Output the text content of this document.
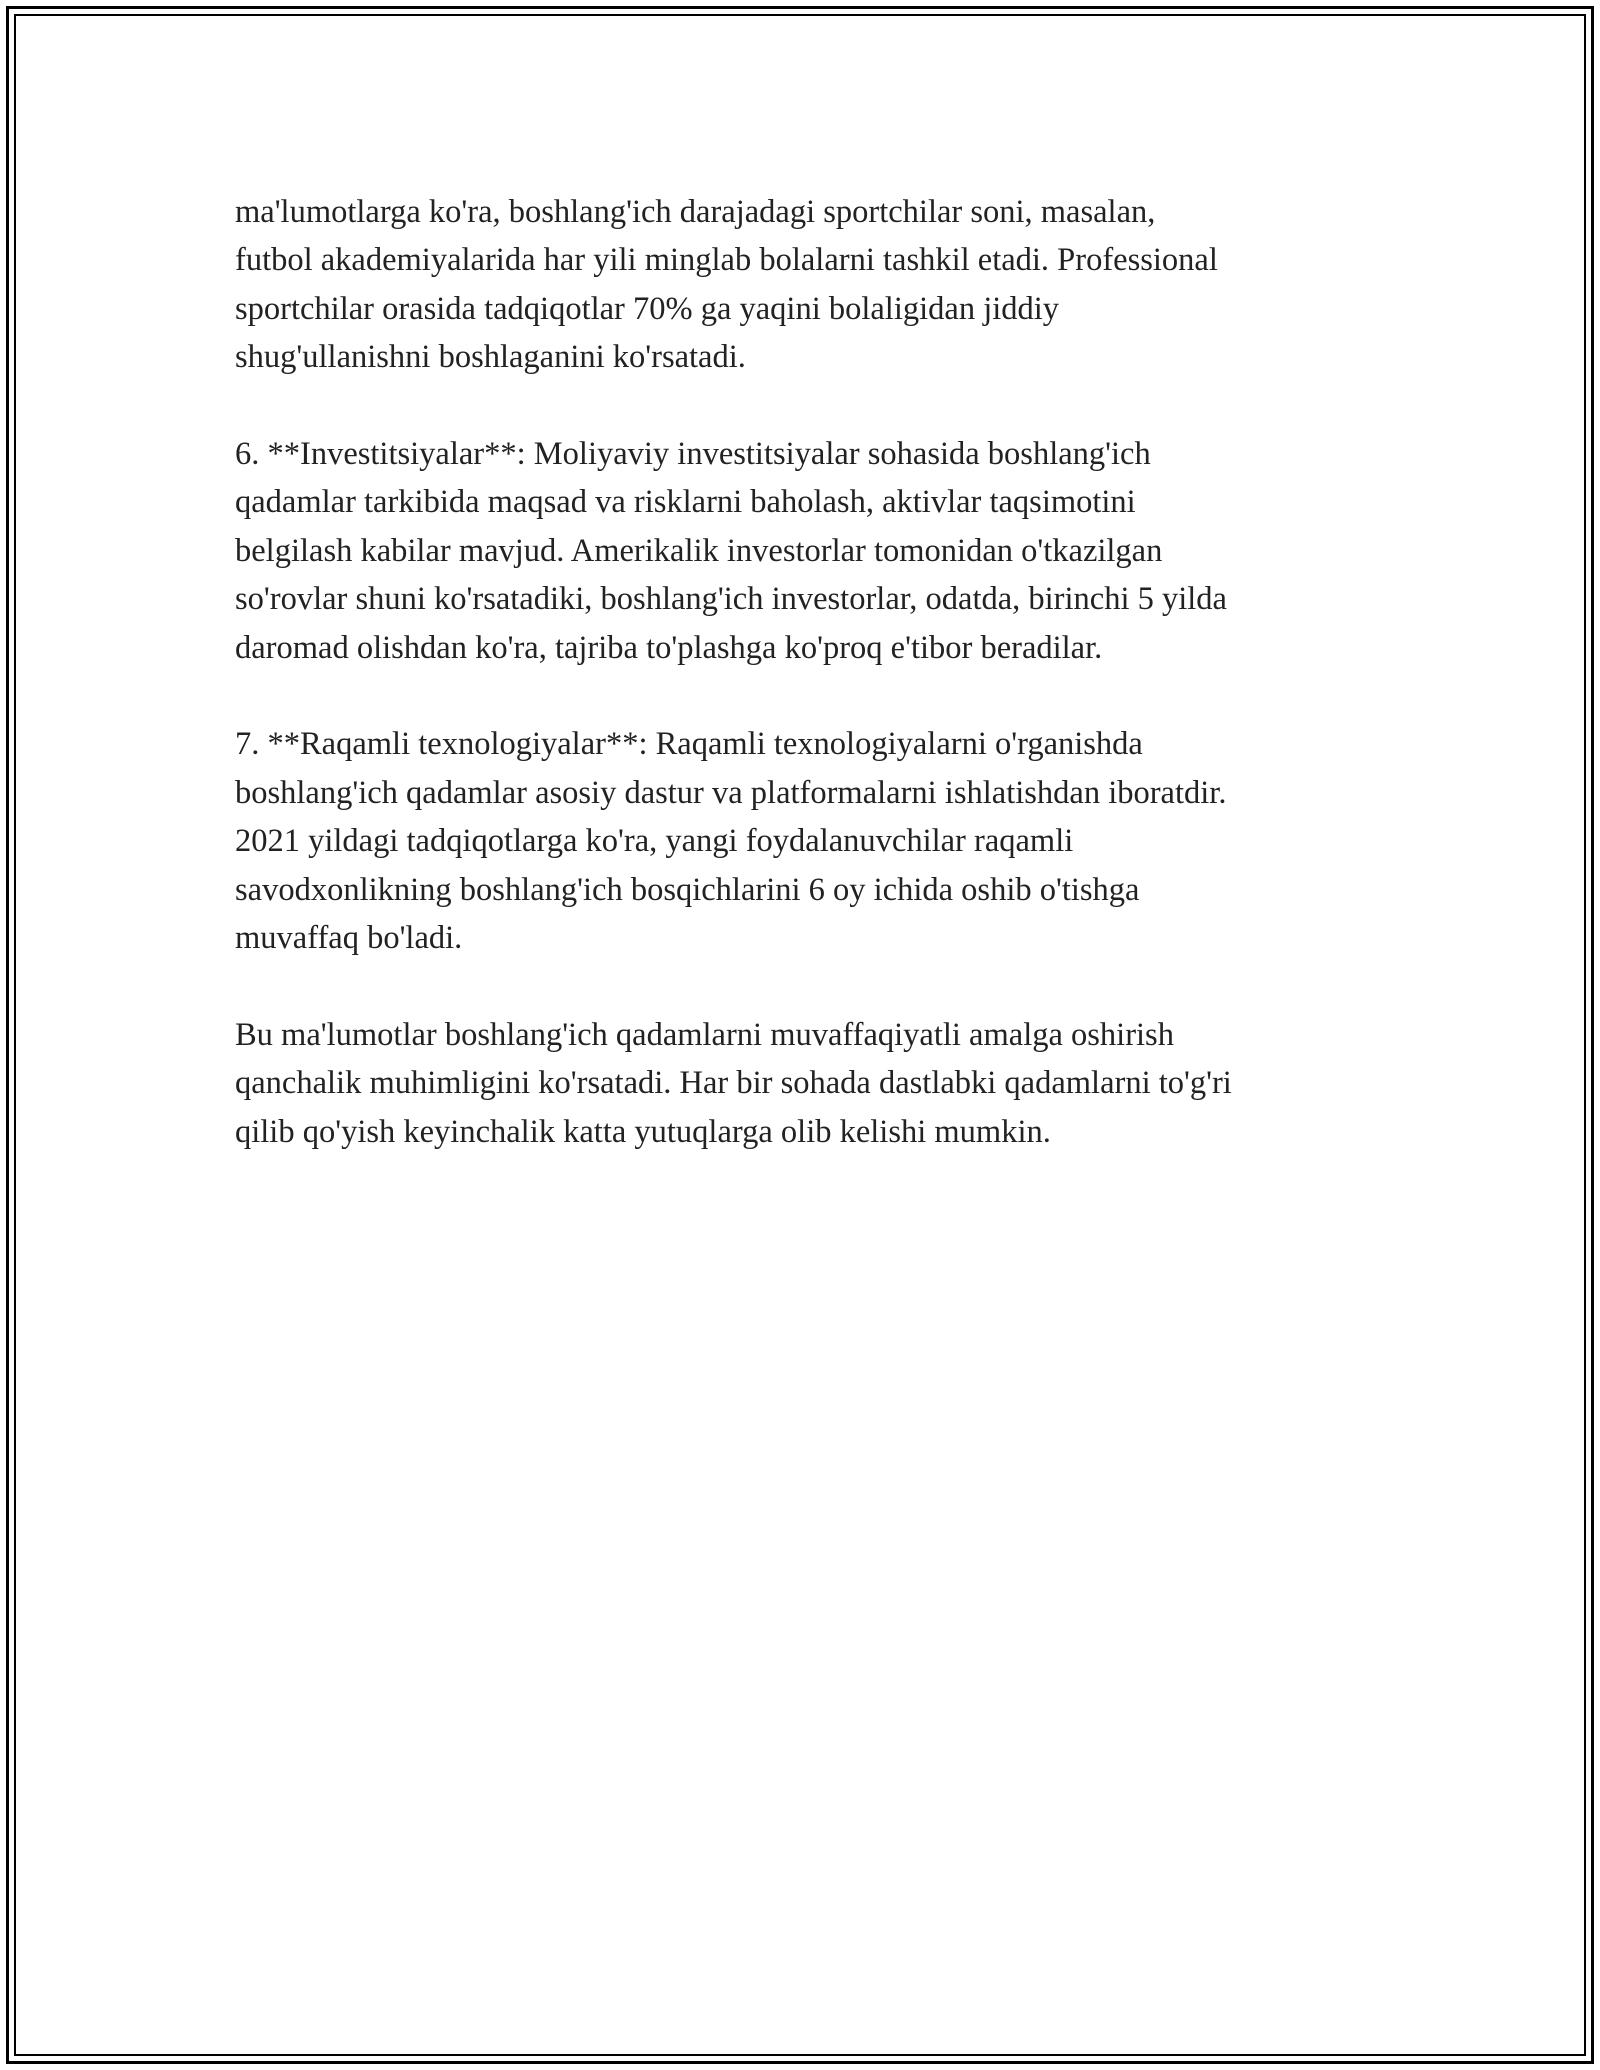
ma'lumotlarga ko'ra, boshlang'ich darajadagi sportchilar soni, masalan,
futbol akademiyalarida har yili minglab bolalarni tashkil etadi. Professional
sportchilar orasida tadqiqotlar 70% ga yaqini bolaligidan jiddiy
shug'ullanishni boshlaganini ko'rsatadi.

6. **Investitsiyalar**: Moliyaviy investitsiyalar sohasida boshlang'ich
qadamlar tarkibida maqsad va risklarni baholash, aktivlar taqsimotini
belgilash kabilar mavjud. Amerikalik investorlar tomonidan o'tkazilgan
so'rovlar shuni ko'rsatadiki, boshlang'ich investorlar, odatda, birinchi 5 yilda
daromad olishdan ko'ra, tajriba to'plashga ko'proq e'tibor beradilar.

7. **Raqamli texnologiyalar**: Raqamli texnologiyalarni o'rganishda
boshlang'ich qadamlar asosiy dastur va platformalarni ishlatishdan iboratdir.
2021 yildagi tadqiqotlarga ko'ra, yangi foydalanuvchilar raqamli
savodxonlikning boshlang'ich bosqichlarini 6 oy ichida oshib o'tishga
muvaffaq bo'ladi.

Bu ma'lumotlar boshlang'ich qadamlarni muvaffaqiyatli amalga oshirish
qanchalik muhimligini ko'rsatadi. Har bir sohada dastlabki qadamlarni to'g'ri
qilib qo'yish keyinchalik katta yutuqlarga olib kelishi mumkin.
